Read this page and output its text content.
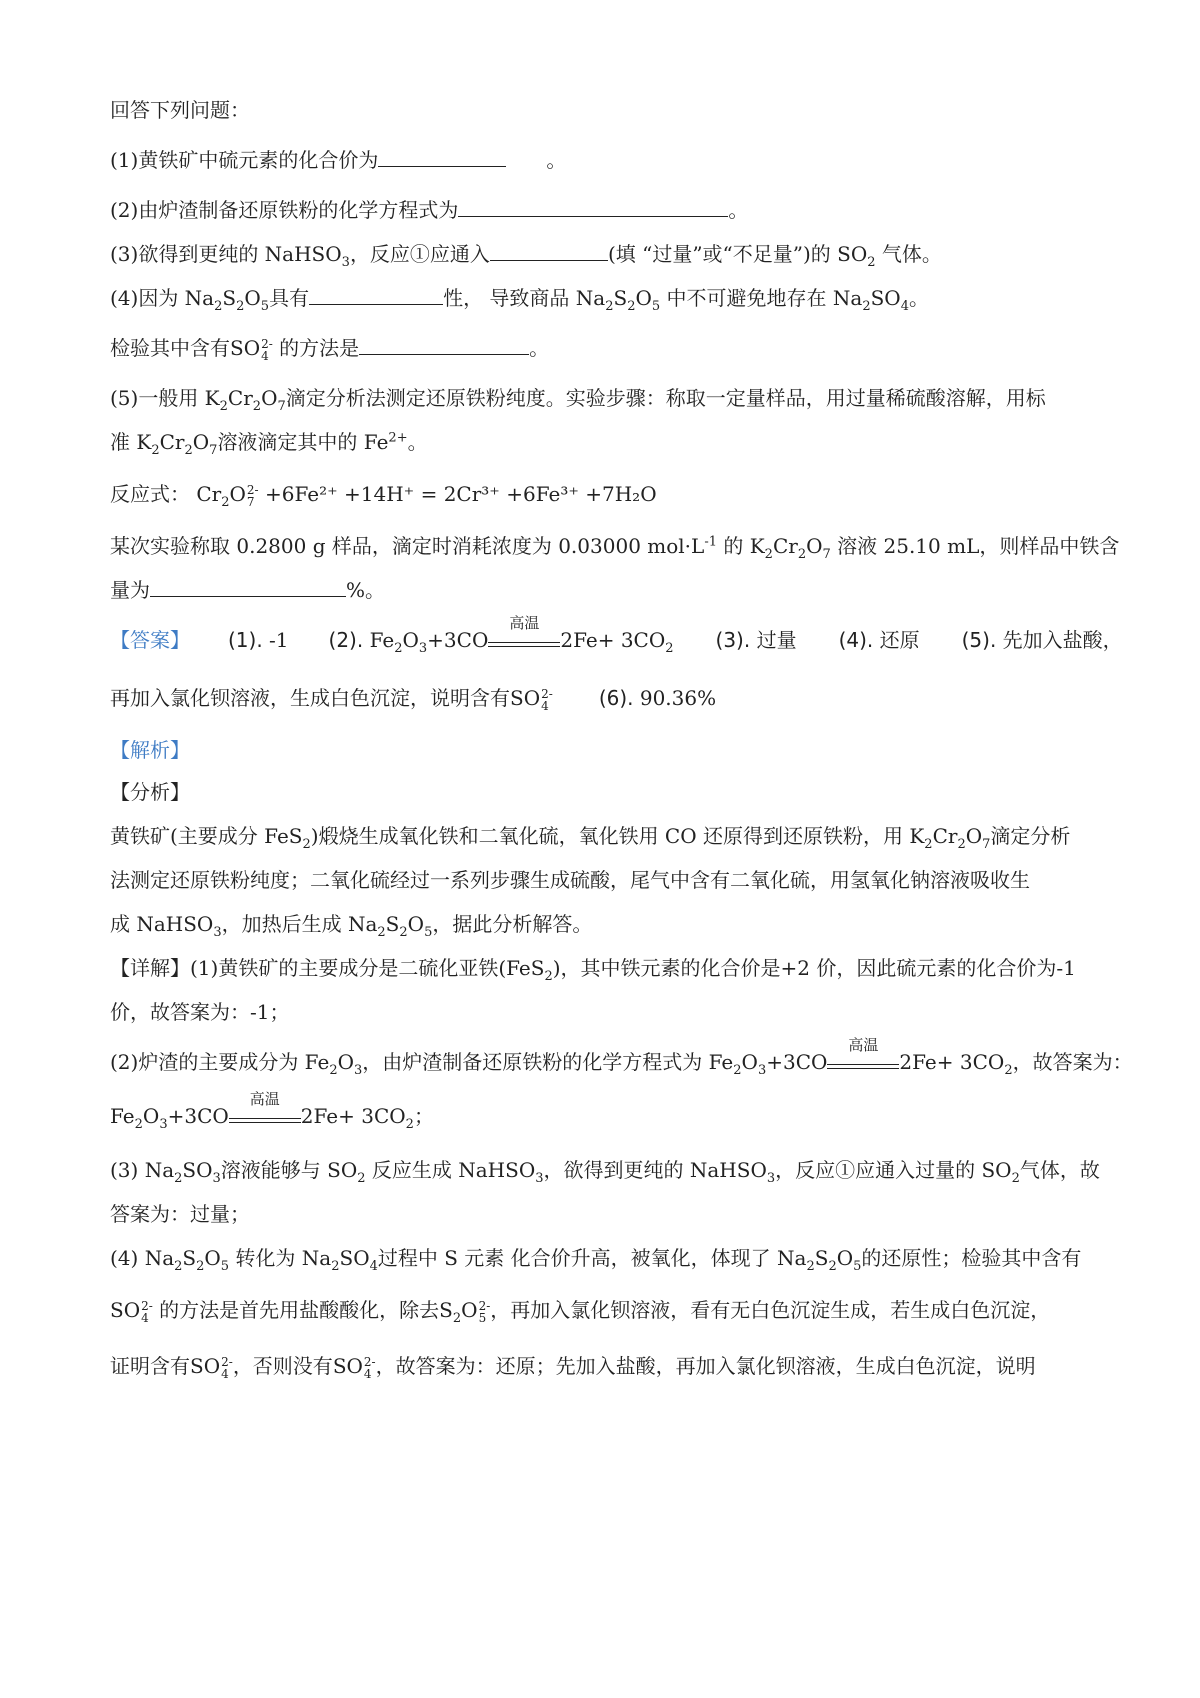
回答下列问题：
(1)黄铁矿中硫元素的化合价为	。
(2)由炉渣制备还原铁粉的化学方程式为	。
(3)欲得到更纯的 NaHSO$_3$，反应①应通入	(填 “过量”或“不足量”)的 $SO_2$ 气体。
(4)因为 $Na_2S_2O_5$具有	性， 导致商品 $Na_2S_2O_5$ 中不可避免地存在 $Na_2SO_4$。
检验其中含有SO 2-
4 的方法是	。
(5)一般用 $K_2Cr_2O_7$滴定分析法测定还原铁粉纯度。实验步骤：称取一定量样品，用过量稀硫酸溶解，用标
准 $K_2Cr_2O_7$溶液滴定其中的 $Fe^{2+}$。
反应式： $Cr_2O$ 2-
7 +6Fe²⁺ +14H⁺ = 2Cr³⁺ +6Fe³⁺ +7H₂O
某次实验称取 0.2800 g 样品，滴定时消耗浓度为 0.03000 $mol\cdot L^{-1}$ 的 $K_2Cr_2O_7$ 溶液 25.10 mL，则样品中铁含
量为	%。
【答案】 (1). -1 (2). $Fe_2O_3+3CO$
高温
$2Fe+ 3CO_2$ (3). 过量 (4). 还原 (5). 先加入盐酸，
再加入氯化钡溶液，生成白色沉淀，说明含有SO 2-
4	(6). 90.36%
【解析】
【分析】
黄铁矿(主要成分 FeS$_2$)煅烧生成氧化铁和二氧化硫，氧化铁用 CO 还原得到还原铁粉，用 $K_2Cr_2O_7$滴定分析
法测定还原铁粉纯度；二氧化硫经过一系列步骤生成硫酸，尾气中含有二氧化硫，用氢氧化钠溶液吸收生
成 NaHSO$_3$，加热后生成 $Na_2S_2O_5$，据此分析解答。
【详解】(1)黄铁矿的主要成分是二硫化亚铁(FeS$_2$)，其中铁元素的化合价是+2 价，因此硫元素的化合价为-1
价，故答案为：-1；
(2)炉渣的主要成分为 $Fe_2O_3$，由炉渣制备还原铁粉的化学方程式为 $Fe_2O_3+3CO$
高温
$2Fe+ 3CO_2$，故答案为：
$Fe_2O_3+3CO$
高温
$2Fe+ 3CO_2$；
(3) $Na_2SO_3$溶液能够与 $SO_2$ 反应生成 NaHSO$_3$，欲得到更纯的 NaHSO$_3$，反应①应通入过量的 $SO_2$气体，故
答案为：过量；
(4) $Na_2S_2O_5$ 转化为 $Na_2SO_4$过程中 S 元素 化合价升高，被氧化，体现了 $Na_2S_2O_5$的还原性；检验其中含有
SO 2-
4 的方法是首先用盐酸酸化，除去$S_2O$ 2-
5 ，再加入氯化钡溶液，看有无白色沉淀生成，若生成白色沉淀，
证明含有SO 2-
4 ，否则没有SO 2-
4 ，故答案为：还原；先加入盐酸，再加入氯化钡溶液，生成白色沉淀，说明
